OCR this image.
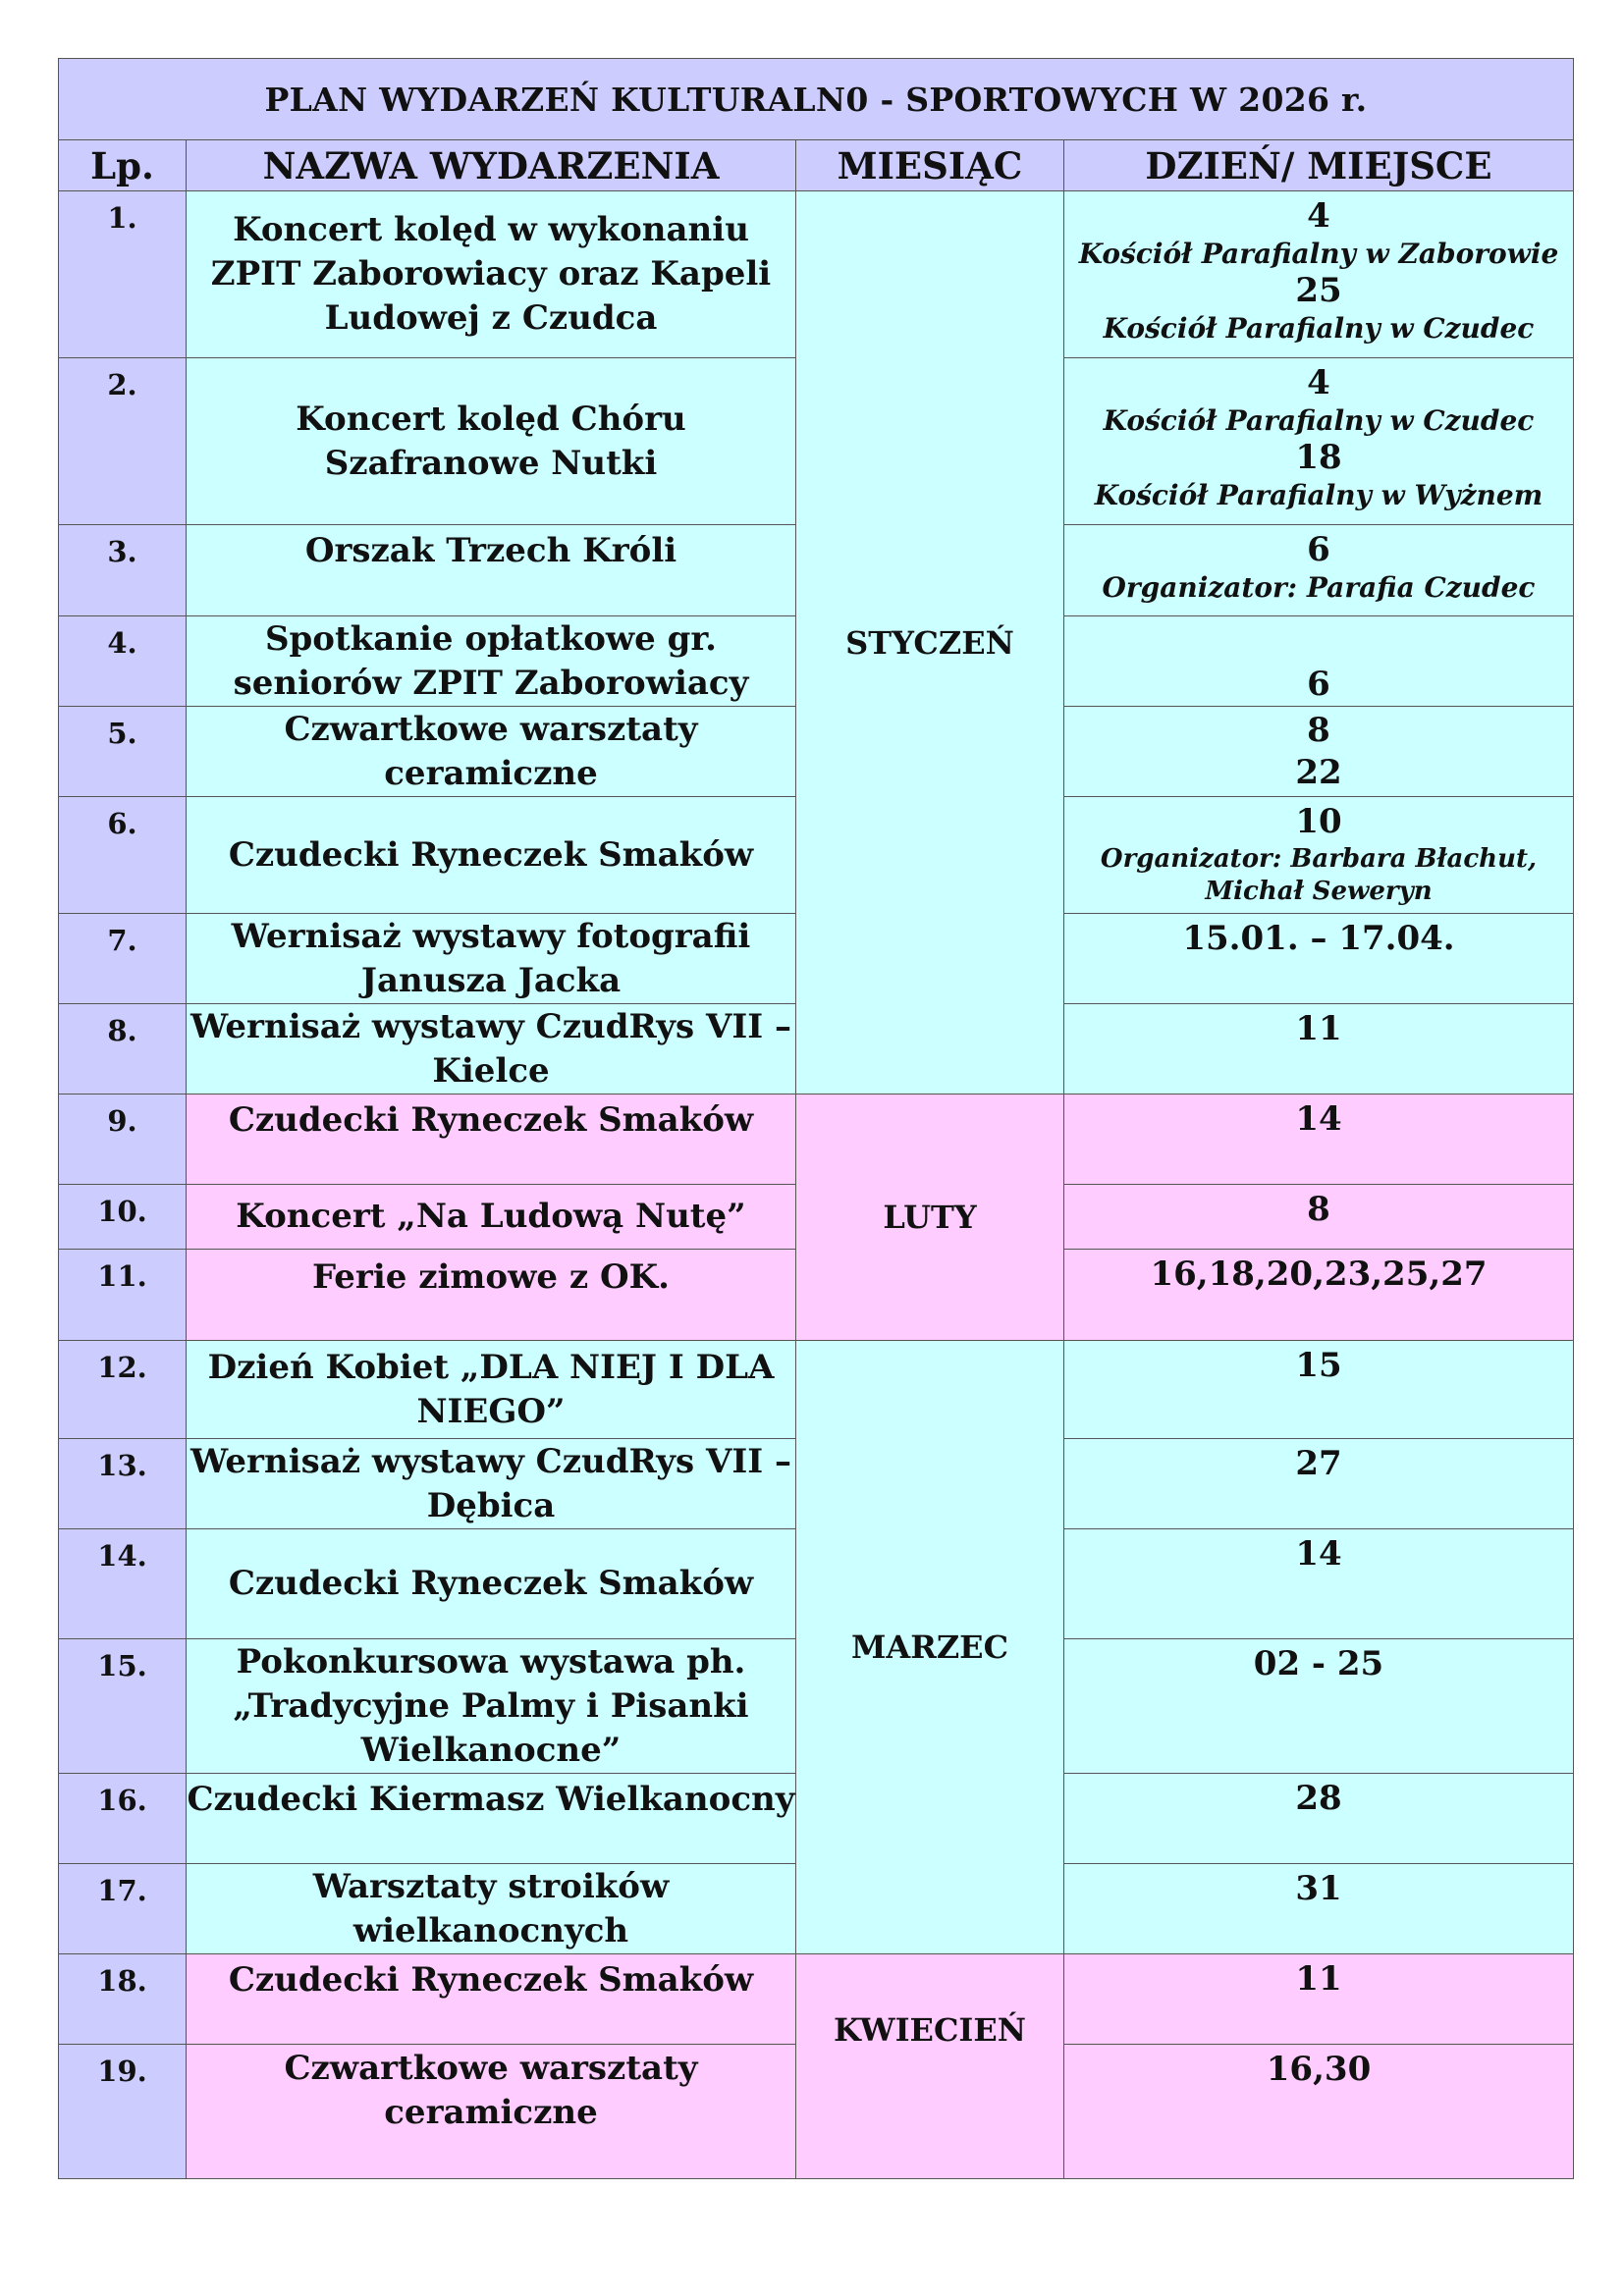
PLAN WYDARZEŃ KULTURALN0 - SPORTOWYCH W 2026 r.			
Lp.	NAZWA WYDARZENIA	MIESIĄC	DZIEŃ/ MIEJSCE
1.	Koncert kolęd w wykonaniu ZPIT Zaborowiacy oraz Kapeli Ludowej z Czudca	STYCZEŃ	4
Kościół Parafialny w Zaborowie
25
Kościół Parafialny w Czudec

2.	Koncert kolęd Chóru Szafranowe Nutki		4
Kościół Parafialny w Czudec
18
Kościół Parafialny w Wyżnem

3.	Orszak Trzech Króli		6
Organizator: Parafia Czudec

4.	Spotkanie opłatkowe gr. seniorów ZPIT Zaborowiacy		6
5.	Czwartkowe warsztaty ceramiczne		8
22

6.	Czudecki Ryneczek Smaków		10
Organizator: Barbara Błachut, Michał Seweryn

7.	Wernisaż wystawy fotografii Janusza Jacka		15.01. – 17.04.
8.	Wernisaż wystawy CzudRys VII – Kielce		11
9.	Czudecki Ryneczek Smaków	LUTY	14
10.	Koncert „Na Ludową Nutę”		8
11.	Ferie zimowe z OK.		16,18,20,23,25,27
12.	Dzień Kobiet „DLA NIEJ I DLA NIEGO”	MARZEC	15
13.	Wernisaż wystawy CzudRys VII – Dębica		27
14.	Czudecki Ryneczek Smaków		14
15.	Pokonkursowa wystawa ph. „Tradycyjne Palmy i Pisanki Wielkanocne”		02 - 25
16.	Czudecki Kiermasz Wielkanocny		28
17.	Warsztaty stroików wielkanocnych		31
18.	Czudecki Ryneczek Smaków	KWIECIEŃ	11
19.	Czwartkowe warsztaty ceramiczne		16,30
